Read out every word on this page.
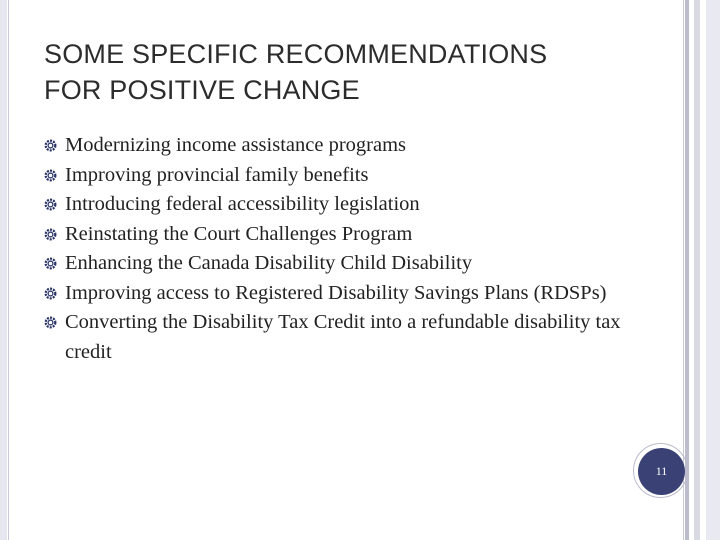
SOME SPECIFIC RECOMMENDATIONS
FOR POSITIVE CHANGE
Modernizing income assistance programs
Improving provincial family benefits
Introducing federal accessibility legislation
Reinstating the Court Challenges Program
Enhancing the Canada Disability Child Disability
Improving access to Registered Disability Savings Plans (RDSPs)
Converting the Disability Tax Credit into a refundable disability tax credit
11
